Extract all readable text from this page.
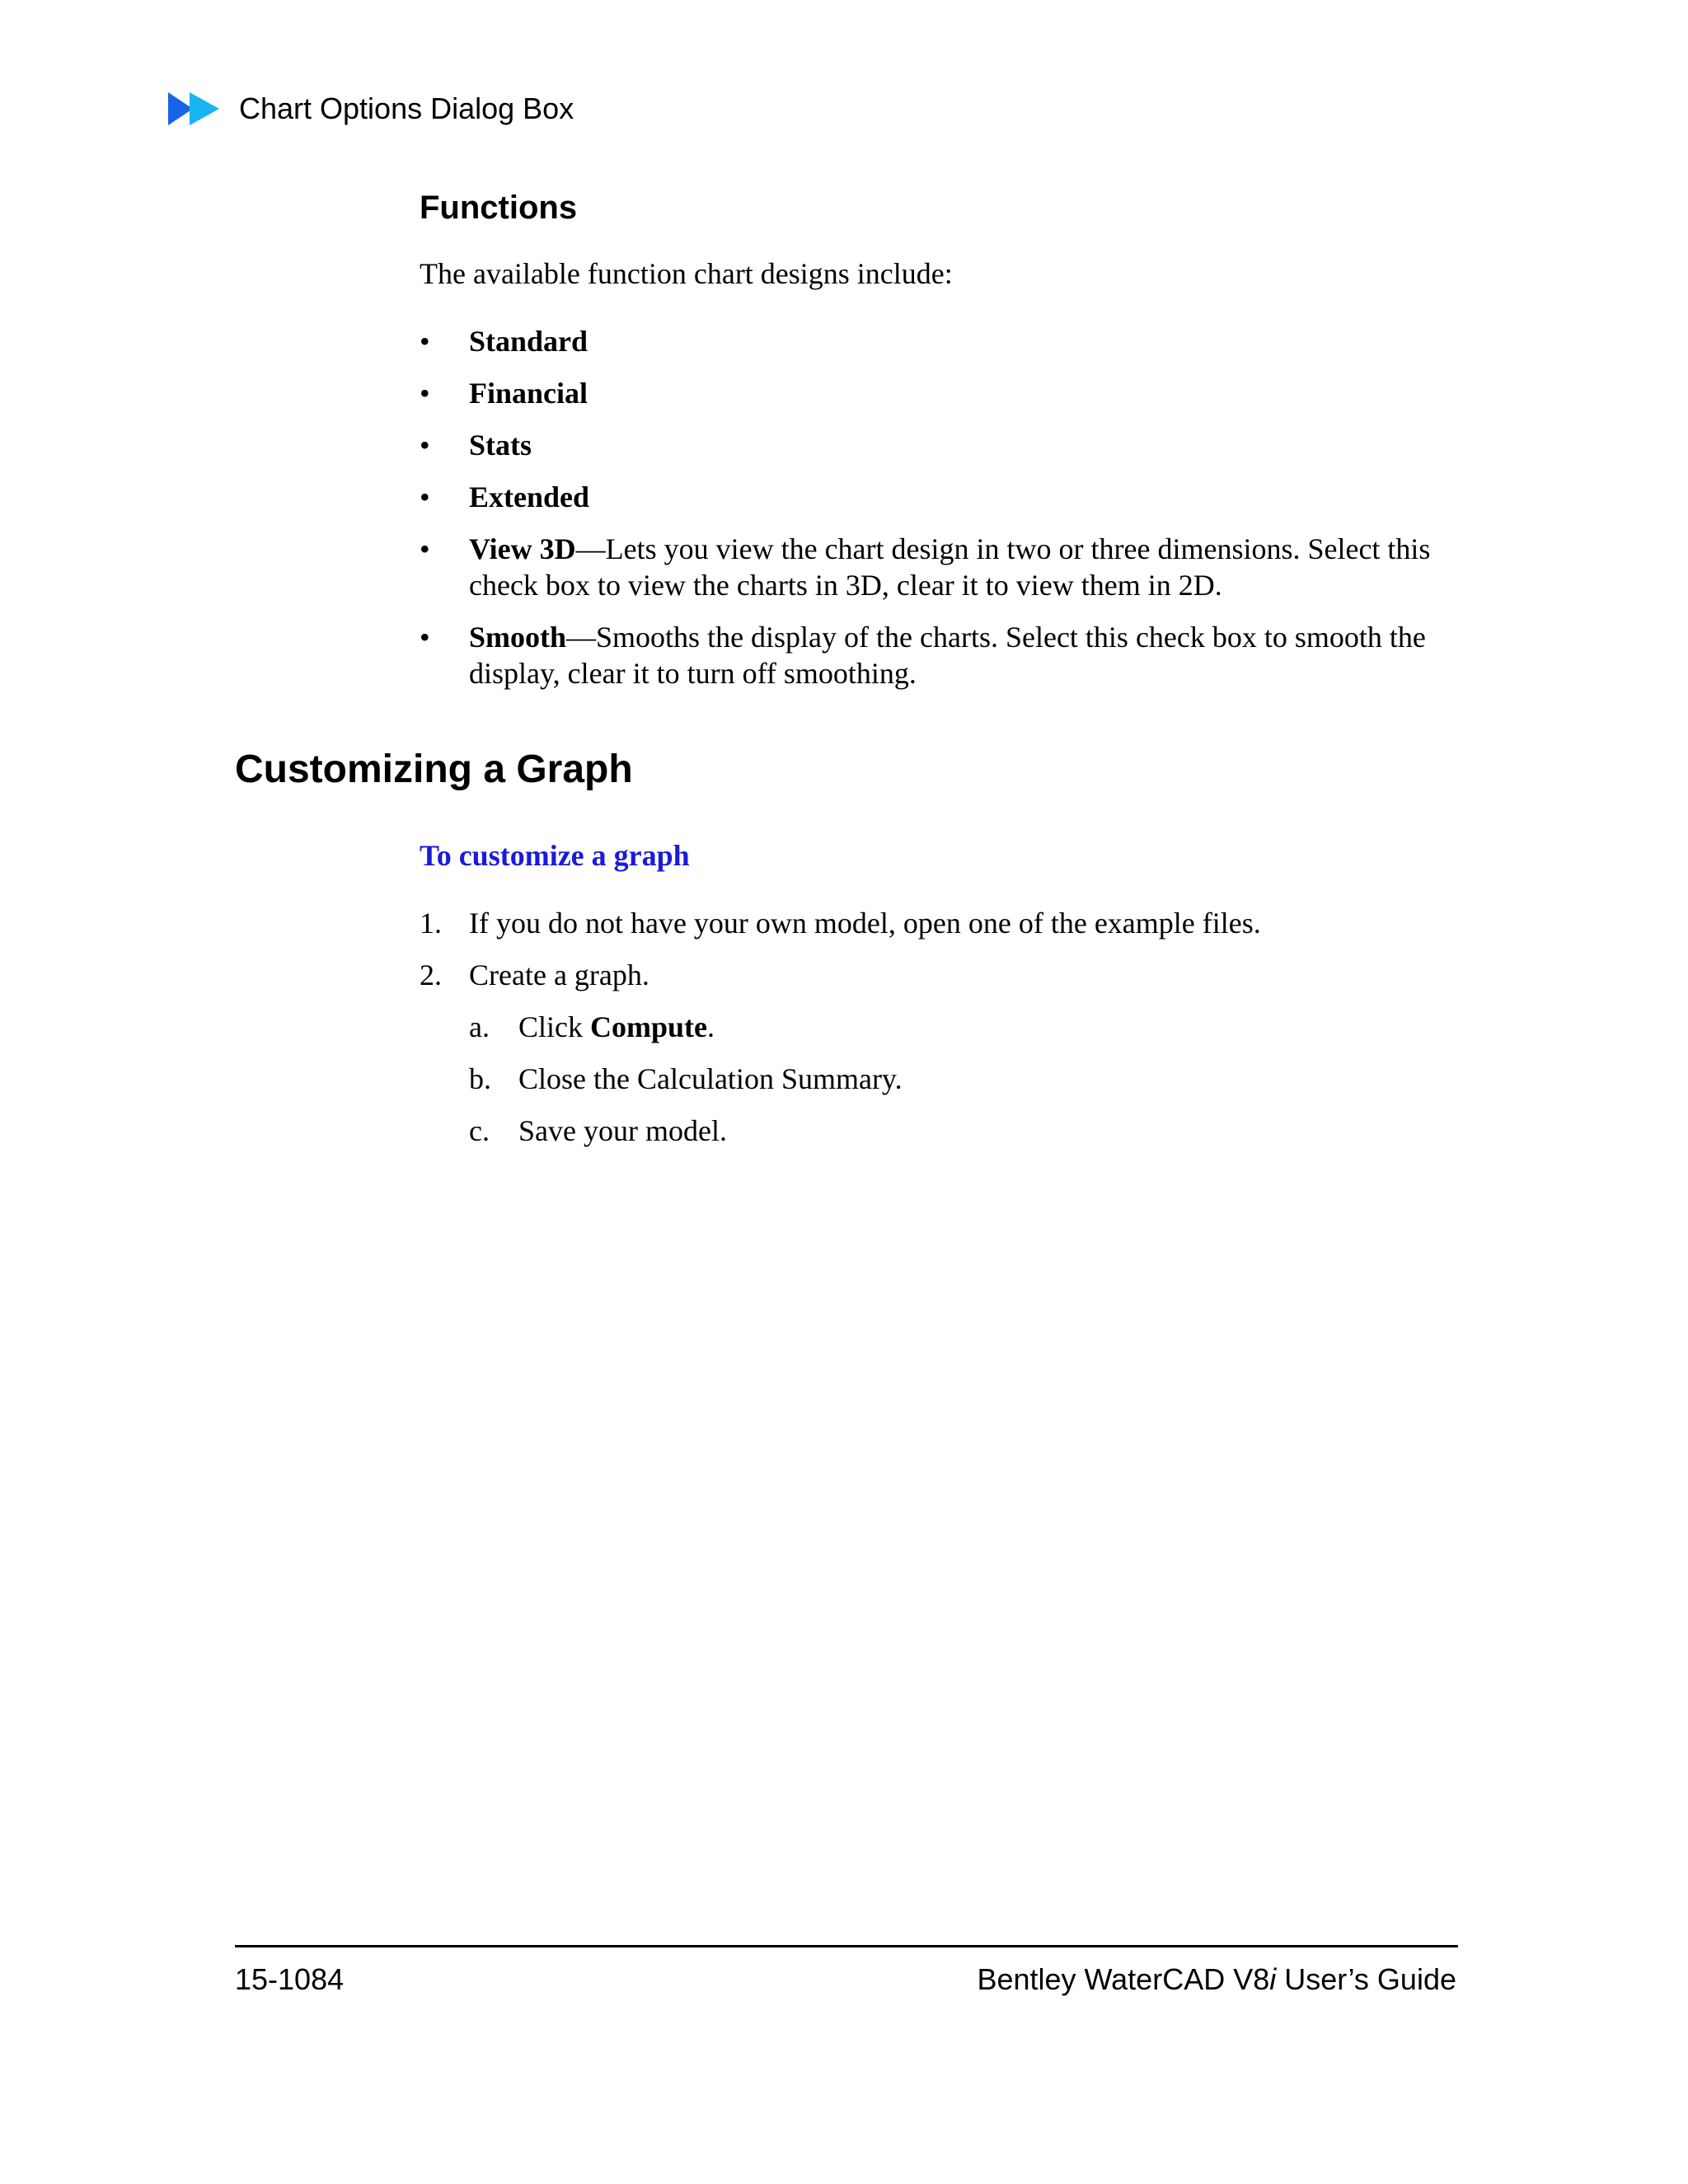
Chart Options Dialog Box
Functions
The available function chart designs include:
• Standard
• Financial
• Stats
• Extended
• View 3D—Lets you view the chart design in two or three dimensions. Select this check box to view the charts in 3D, clear it to view them in 2D.
• Smooth—Smooths the display of the charts. Select this check box to smooth the display, clear it to turn off smoothing.
Customizing a Graph
To customize a graph
1. If you do not have your own model, open one of the example files.
2. Create a graph.
a. Click Compute.
b. Close the Calculation Summary.
c. Save your model.
15-1084	Bentley WaterCAD V8i User’s Guide
